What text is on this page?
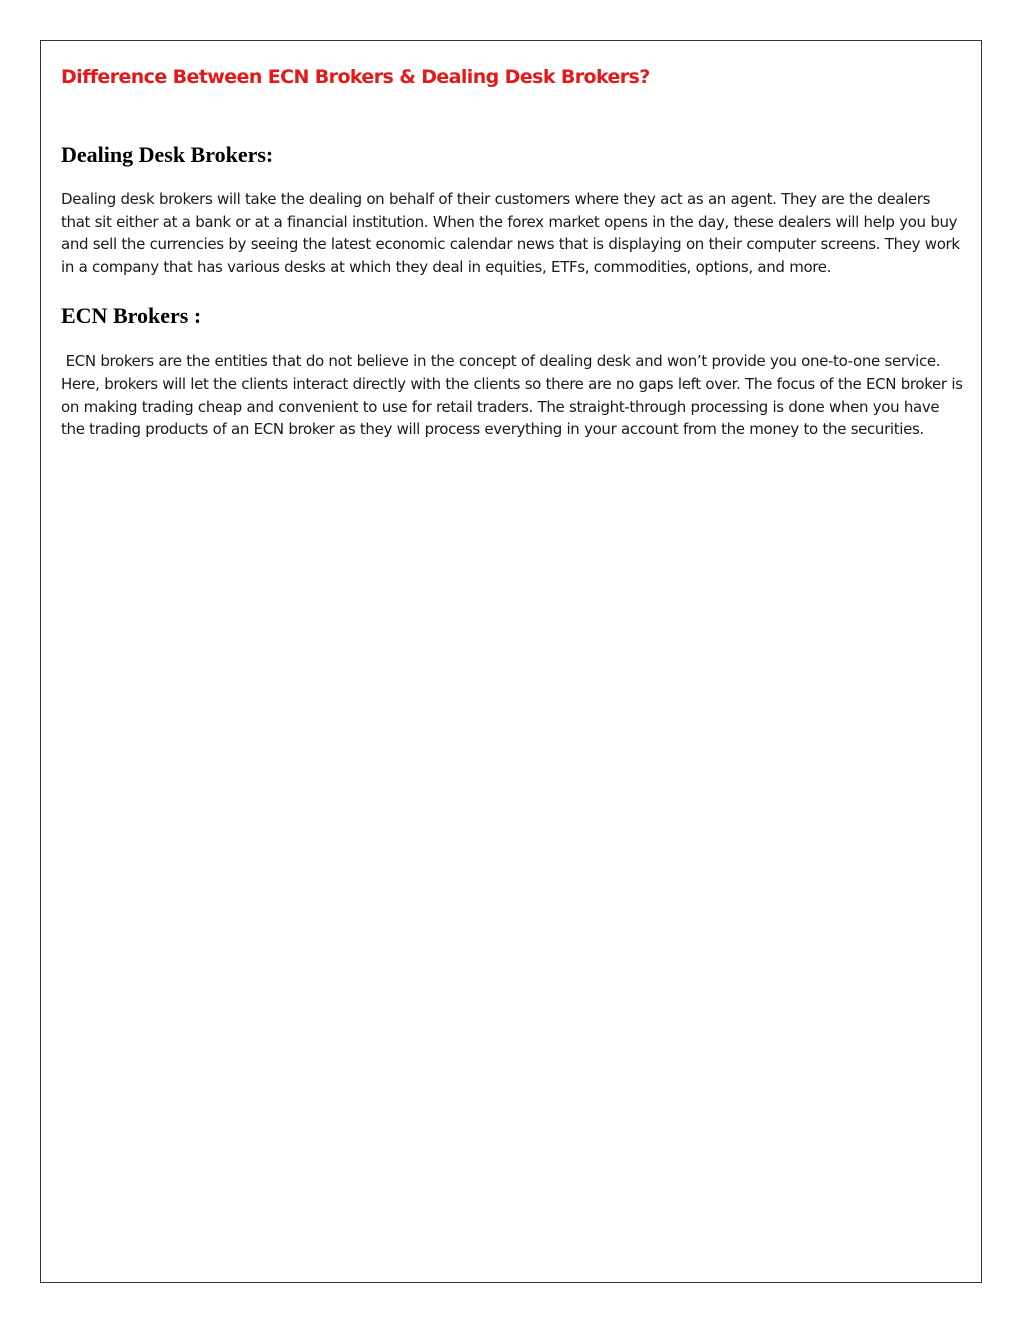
Difference Between ECN Brokers & Dealing Desk Brokers?
Dealing Desk Brokers:

Dealing desk brokers will take the dealing on behalf of their customers where they act as an agent. They are the dealers that sit either at a bank or at a financial institution. When the forex market opens in the day, these dealers will help you buy and sell the currencies by seeing the latest economic calendar news that is displaying on their computer screens. They work in a company that has various desks at which they deal in equities, ETFs, commodities, options, and more.

ECN Brokers :

ECN brokers are the entities that do not believe in the concept of dealing desk and won’t provide you one-to-one service. Here, brokers will let the clients interact directly with the clients so there are no gaps left over. The focus of the ECN broker is on making trading cheap and convenient to use for retail traders. The straight-through processing is done when you have the trading products of an ECN broker as they will process everything in your account from the money to the securities.
